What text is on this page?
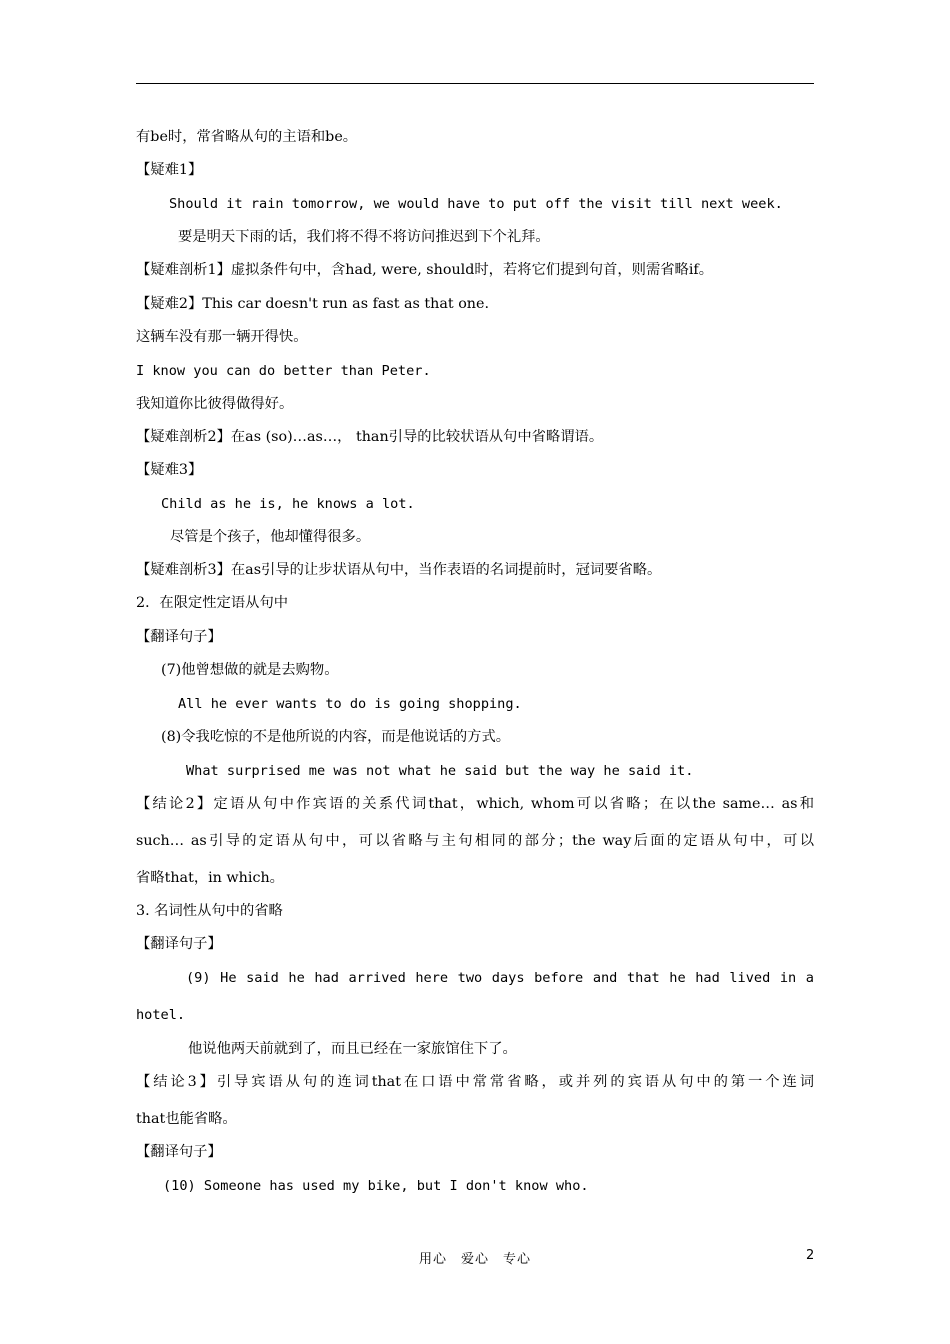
有be时，常省略从句的主语和be。
【疑难1】
Should it rain tomorrow, we would have to put off the visit till next week.
要是明天下雨的话，我们将不得不将访问推迟到下个礼拜。
【疑难剖析1】虚拟条件句中，含had, were, should时，若将它们提到句首，则需省略if。
【疑难2】This car doesn't run as fast as that one.
这辆车没有那一辆开得快。
I know you can do better than Peter.
我知道你比彼得做得好。
【疑难剖析2】在as (so)…as…， than引导的比较状语从句中省略谓语。
【疑难3】
Child as he is, he knows a lot.
尽管是个孩子，他却懂得很多。
【疑难剖析3】在as引导的让步状语从句中，当作表语的名词提前时，冠词要省略。
2．在限定性定语从句中
【翻译句子】
(7)他曾想做的就是去购物。
All he ever wants to do is going shopping.
(8)令我吃惊的不是他所说的内容，而是他说话的方式。
What surprised me was not what he said but the way he said it.
【结论2】定语从句中作宾语的关系代词that，which, whom可以省略；在以the same… as和
such… as引导的定语从句中，可以省略与主句相同的部分；the way后面的定语从句中，可以
省略that，in which。
3. 名词性从句中的省略
【翻译句子】
(9) He said he had arrived here two days before and that he had lived in a
hotel.
他说他两天前就到了，而且已经在一家旅馆住下了。
【结论3】引导宾语从句的连词that在口语中常常省略，或并列的宾语从句中的第一个连词
that也能省略。
【翻译句子】
(10) Someone has used my bike, but I don't know who.
用心　爱心　专心	2
